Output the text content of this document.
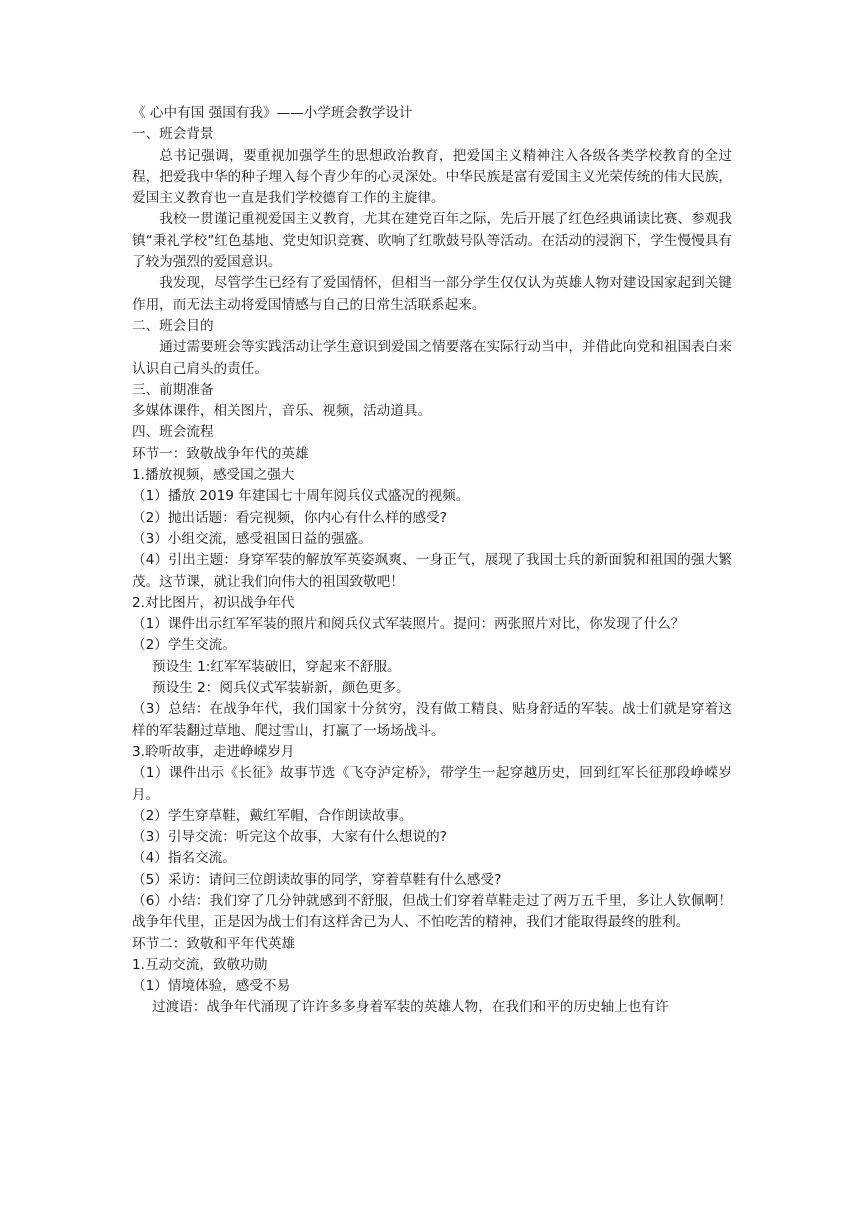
《 心中有国 强国有我》——小学班会教学设计
一、班会背景
总书记强调，要重视加强学生的思想政治教育，把爱国主义精神注入各级各类学校教育的全过程，把爱我中华的种子埋入每个青少年的心灵深处。中华民族是富有爱国主义光荣传统的伟大民族，爱国主义教育也一直是我们学校德育工作的主旋律。
我校一贯谨记重视爱国主义教育，尤其在建党百年之际，先后开展了红色经典诵读比赛、参观我镇“秉礼学校”红色基地、党史知识竞赛、吹响了红歌鼓号队等活动。在活动的浸润下，学生慢慢具有了较为强烈的爱国意识。
我发现，尽管学生已经有了爱国情怀，但相当一部分学生仅仅认为英雄人物对建设国家起到关键作用，而无法主动将爱国情感与自己的日常生活联系起来。
二、班会目的
通过需要班会等实践活动让学生意识到爱国之情要落在实际行动当中，并借此向党和祖国表白来认识自己肩头的责任。
三、前期准备
多媒体课件，相关图片，音乐、视频，活动道具。
四、班会流程
环节一：致敬战争年代的英雄
1.播放视频，感受国之强大
（1）播放 2019 年建国七十周年阅兵仪式盛况的视频。
（2）抛出话题：看完视频，你内心有什么样的感受?
（3）小组交流，感受祖国日益的强盛。
（4）引出主题：身穿军装的解放军英姿飒爽、一身正气，展现了我国士兵的新面貌和祖国的强大繁茂。这节课，就让我们向伟大的祖国致敬吧！
2.对比图片，初识战争年代
（1）课件出示红军军装的照片和阅兵仪式军装照片。提问：两张照片对比，你发现了什么？
（2）学生交流。
预设生 1:红军军装破旧，穿起来不舒服。
预设生 2：阅兵仪式军装崭新，颜色更多。
（3）总结：在战争年代，我们国家十分贫穷，没有做工精良、贴身舒适的军装。战士们就是穿着这样的军装翻过草地、爬过雪山，打赢了一场场战斗。
3.聆听故事，走进峥嵘岁月
（1）课件出示《长征》故事节选《飞夺泸定桥》，带学生一起穿越历史，回到红军长征那段峥嵘岁月。
（2）学生穿草鞋，戴红军帽，合作朗读故事。
（3）引导交流：听完这个故事，大家有什么想说的?
（4）指名交流。
（5）采访：请问三位朗读故事的同学，穿着草鞋有什么感受?
（6）小结：我们穿了几分钟就感到不舒服，但战士们穿着草鞋走过了两万五千里，多让人钦佩啊！战争年代里，正是因为战士们有这样舍己为人、不怕吃苦的精神，我们才能取得最终的胜利。
环节二：致敬和平年代英雄
1.互动交流，致敬功勋
（1）情境体验，感受不易
过渡语：战争年代涌现了许许多多身着军装的英雄人物，在我们和平的历史轴上也有许
